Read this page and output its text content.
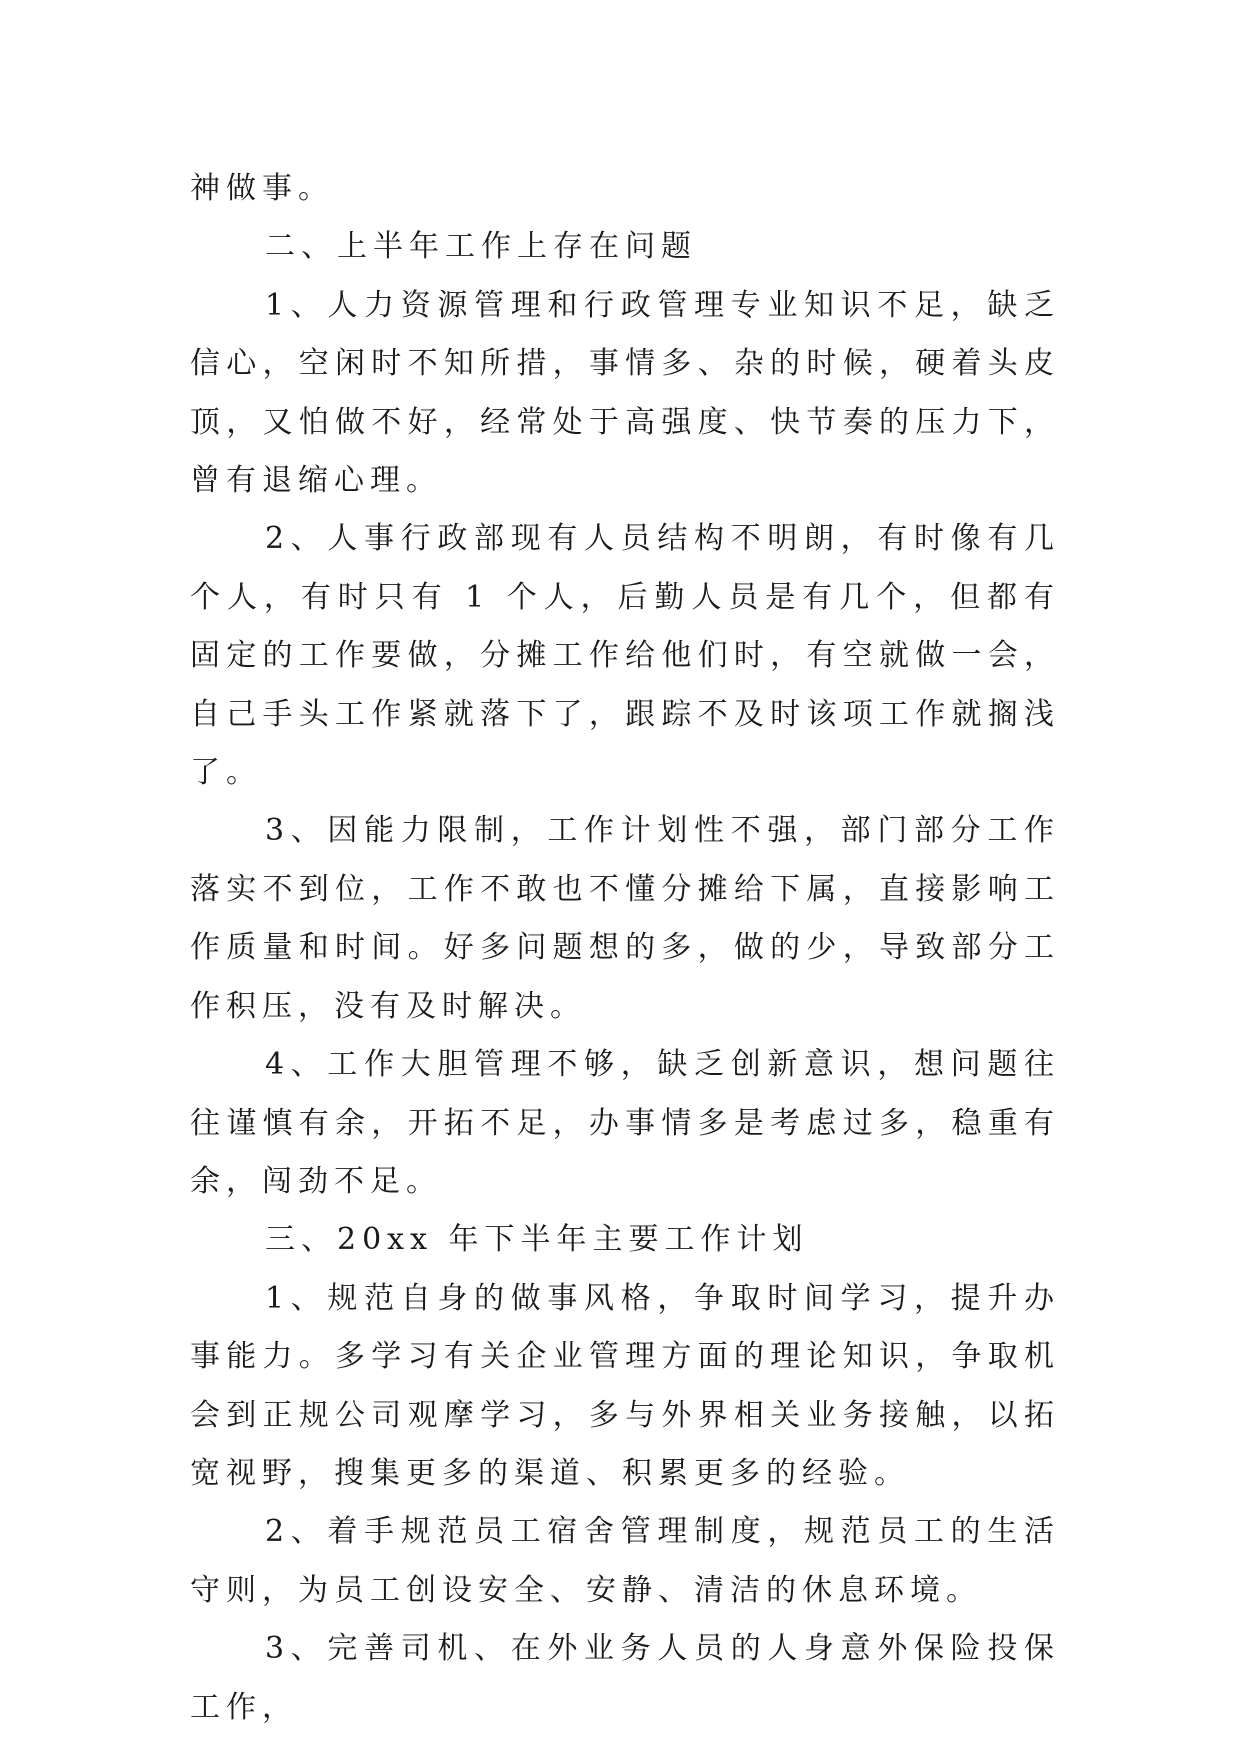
神做事。

二、上半年工作上存在问题

1、人力资源管理和行政管理专业知识不足，缺乏信心，空闲时不知所措，事情多、杂的时候，硬着头皮顶，又怕做不好，经常处于高强度、快节奏的压力下，曾有退缩心理。

2、人事行政部现有人员结构不明朗，有时像有几个人，有时只有 1 个人，后勤人员是有几个，但都有固定的工作要做，分摊工作给他们时，有空就做一会，自己手头工作紧就落下了，跟踪不及时该项工作就搁浅了。

3、因能力限制，工作计划性不强，部门部分工作落实不到位，工作不敢也不懂分摊给下属，直接影响工作质量和时间。好多问题想的多，做的少，导致部分工作积压，没有及时解决。

4、工作大胆管理不够，缺乏创新意识，想问题往往谨慎有余，开拓不足，办事情多是考虑过多，稳重有余，闯劲不足。

三、20xx 年下半年主要工作计划

1、规范自身的做事风格，争取时间学习，提升办事能力。多学习有关企业管理方面的理论知识，争取机会到正规公司观摩学习，多与外界相关业务接触，以拓宽视野，搜集更多的渠道、积累更多的经验。

2、着手规范员工宿舍管理制度，规范员工的生活守则，为员工创设安全、安静、清洁的休息环境。

3、完善司机、在外业务人员的人身意外保险投保工作，
